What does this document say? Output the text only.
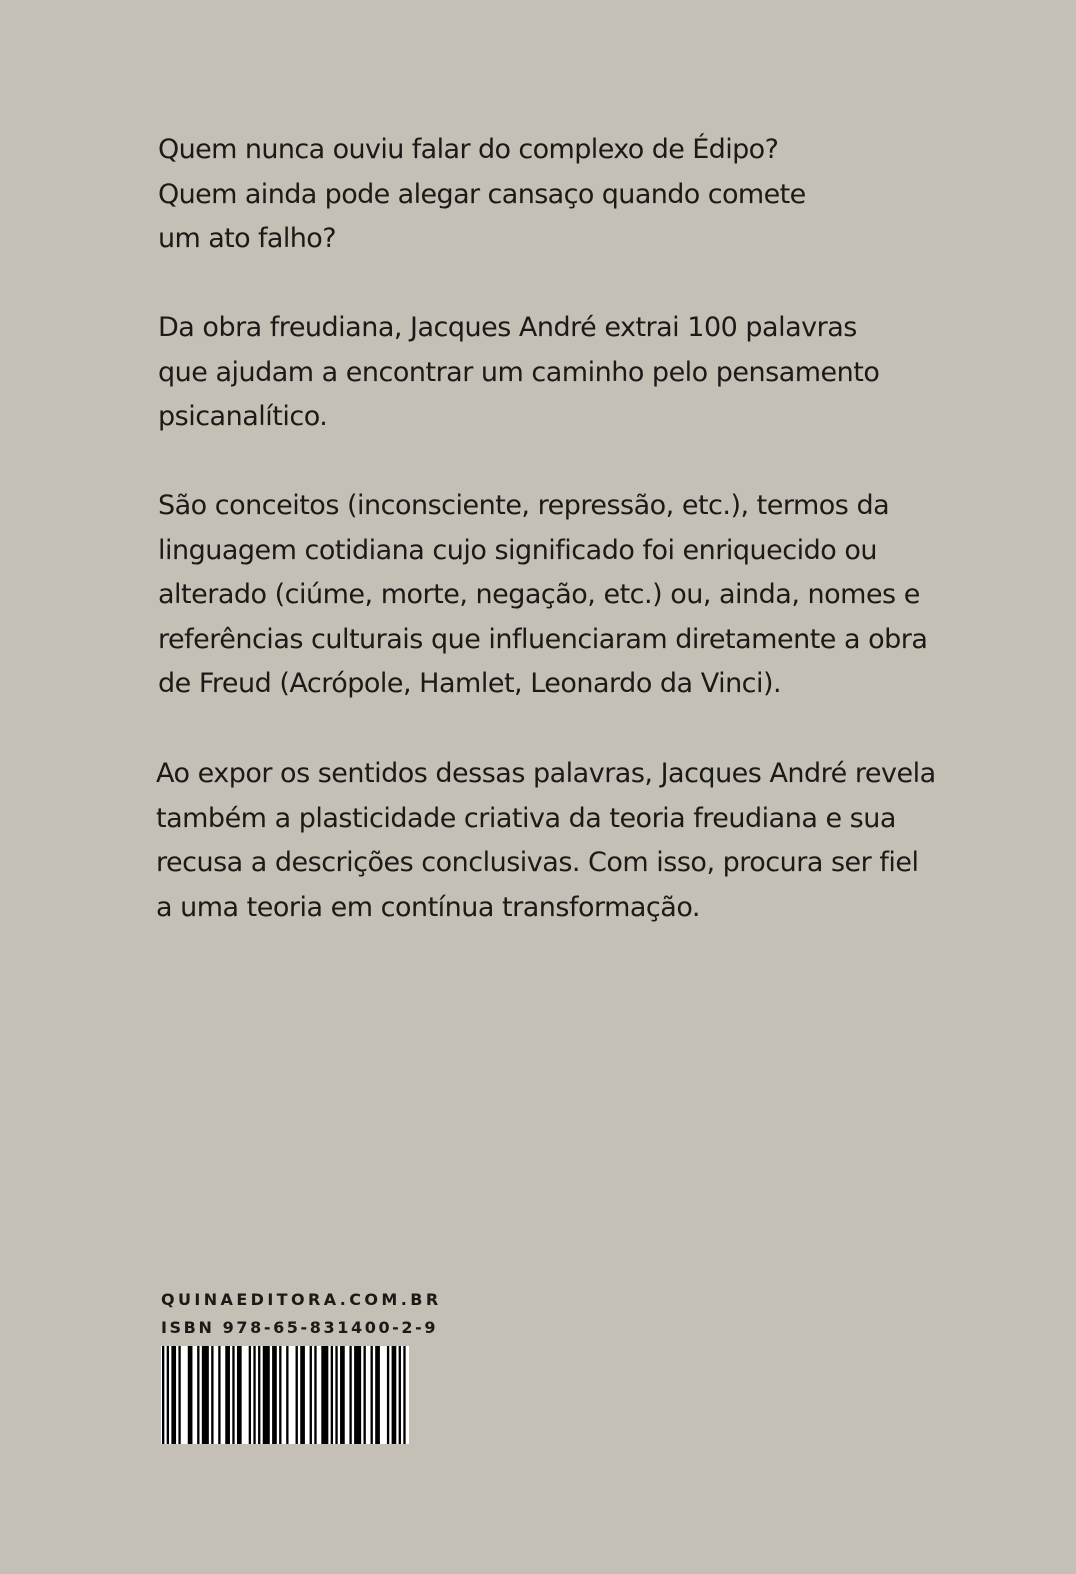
Quem nunca ouviu falar do complexo de Édipo?
Quem ainda pode alegar cansaço quando comete
um ato falho?

Da obra freudiana, Jacques André extrai 100 palavras
que ajudam a encontrar um caminho pelo pensamento
psicanalítico.

São conceitos (inconsciente, repressão, etc.), termos da
linguagem cotidiana cujo significado foi enriquecido ou
alterado (ciúme, morte, negação, etc.) ou, ainda, nomes e
referências culturais que influenciaram diretamente a obra
de Freud (Acrópole, Hamlet, Leonardo da Vinci).

Ao expor os sentidos dessas palavras, Jacques André revela
também a plasticidade criativa da teoria freudiana e sua
recusa a descrições conclusivas. Com isso, procura ser fiel
a uma teoria em contínua transformação.

QUINAEDITORA.COM.BR
ISBN 978-65-831400-2-9
